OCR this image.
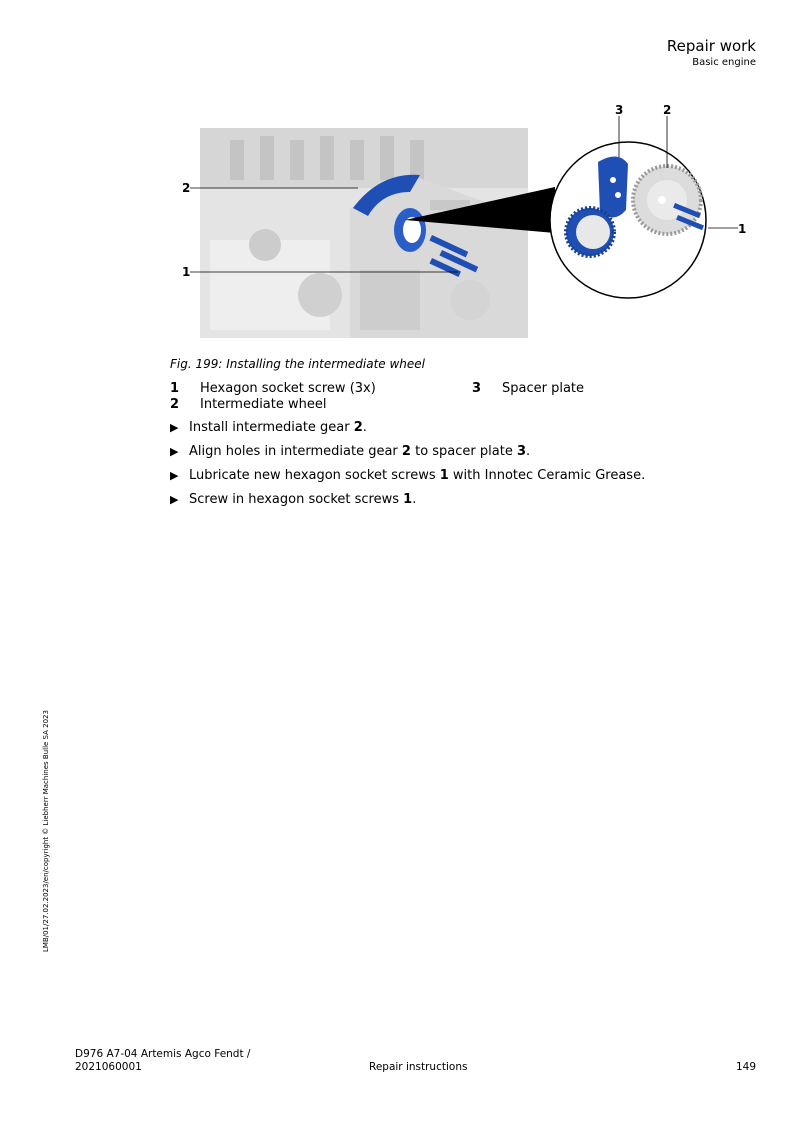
Repair work
Basic engine
2
1
3	2
1
Fig. 199: Installing the intermediate wheel
1 Hexagon socket screw (3x)
2 Intermediate wheel
3 Spacer plate
▶ Install intermediate gear 2.
▶ Align holes in intermediate gear 2 to spacer plate 3.
▶ Lubricate new hexagon socket screws 1 with Innotec Ceramic Grease.
▶ Screw in hexagon socket screws 1.
LMB/01/27.02.2023/en/copyright © Liebherr Machines Bulle SA 2023
D976 A7-04 Artemis Agco Fendt /
2021060001	Repair instructions	149
